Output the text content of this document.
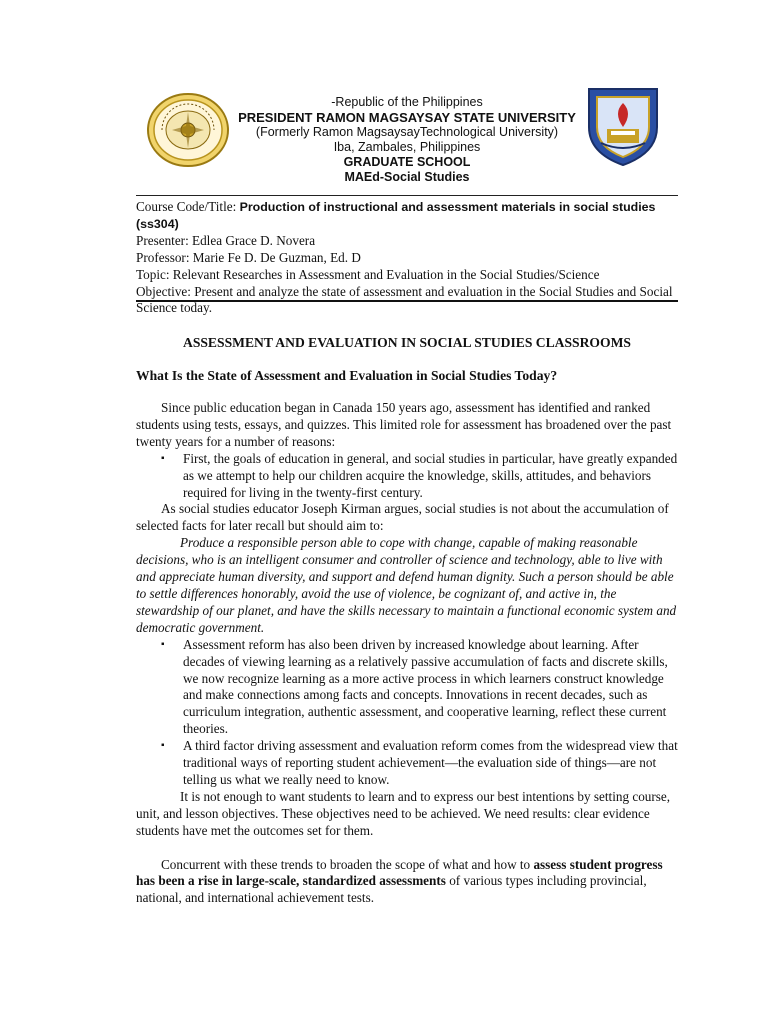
-Republic of the Philippines
PRESIDENT RAMON MAGSAYSAY STATE UNIVERSITY
(Formerly Ramon MagsaysayTechnological University)
Iba, Zambales, Philippines
GRADUATE SCHOOL
MAEd-Social Studies

Course Code/Title: Production of instructional and assessment materials in social studies (ss304)

Presenter: Edlea Grace D. Novera

Professor: Marie Fe D. De Guzman, Ed. D

Topic: Relevant Researches in Assessment and Evaluation in the Social Studies/Science

Objective: Present and analyze the state of assessment and evaluation in the Social Studies and Social Science today.

ASSESSMENT AND EVALUATION IN SOCIAL STUDIES CLASSROOMS
What Is the State of Assessment and Evaluation in Social Studies Today?

Since public education began in Canada 150 years ago, assessment has identified and ranked students using tests, essays, and quizzes. This limited role for assessment has broadened over the past twenty years for a number of reasons:

▪ First, the goals of education in general, and social studies in particular, have greatly expanded as we attempt to help our children acquire the knowledge, skills, attitudes, and behaviors required for living in the twenty-first century.

As social studies educator Joseph Kirman argues, social studies is not about the accumulation of selected facts for later recall but should aim to:

Produce a responsible person able to cope with change, capable of making reasonable decisions, who is an intelligent consumer and controller of science and technology, able to live with and appreciate human diversity, and support and defend human dignity. Such a person should be able to settle differences honorably, avoid the use of violence, be cognizant of, and active in, the stewardship of our planet, and have the skills necessary to maintain a functional economic system and democratic government.

▪ Assessment reform has also been driven by increased knowledge about learning. After decades of viewing learning as a relatively passive accumulation of facts and discrete skills, we now recognize learning as a more active process in which learners construct knowledge and make connections among facts and concepts. Innovations in recent decades, such as curriculum integration, authentic assessment, and cooperative learning, reflect these current theories.
▪ A third factor driving assessment and evaluation reform comes from the widespread view that traditional ways of reporting student achievement—the evaluation side of things—are not telling us what we really need to know.

It is not enough to want students to learn and to express our best intentions by setting course, unit, and lesson objectives. These objectives need to be achieved. We need results: clear evidence students have met the outcomes set for them.

Concurrent with these trends to broaden the scope of what and how to assess student progress has been a rise in large-scale, standardized assessments of various types including provincial, national, and international achievement tests.
